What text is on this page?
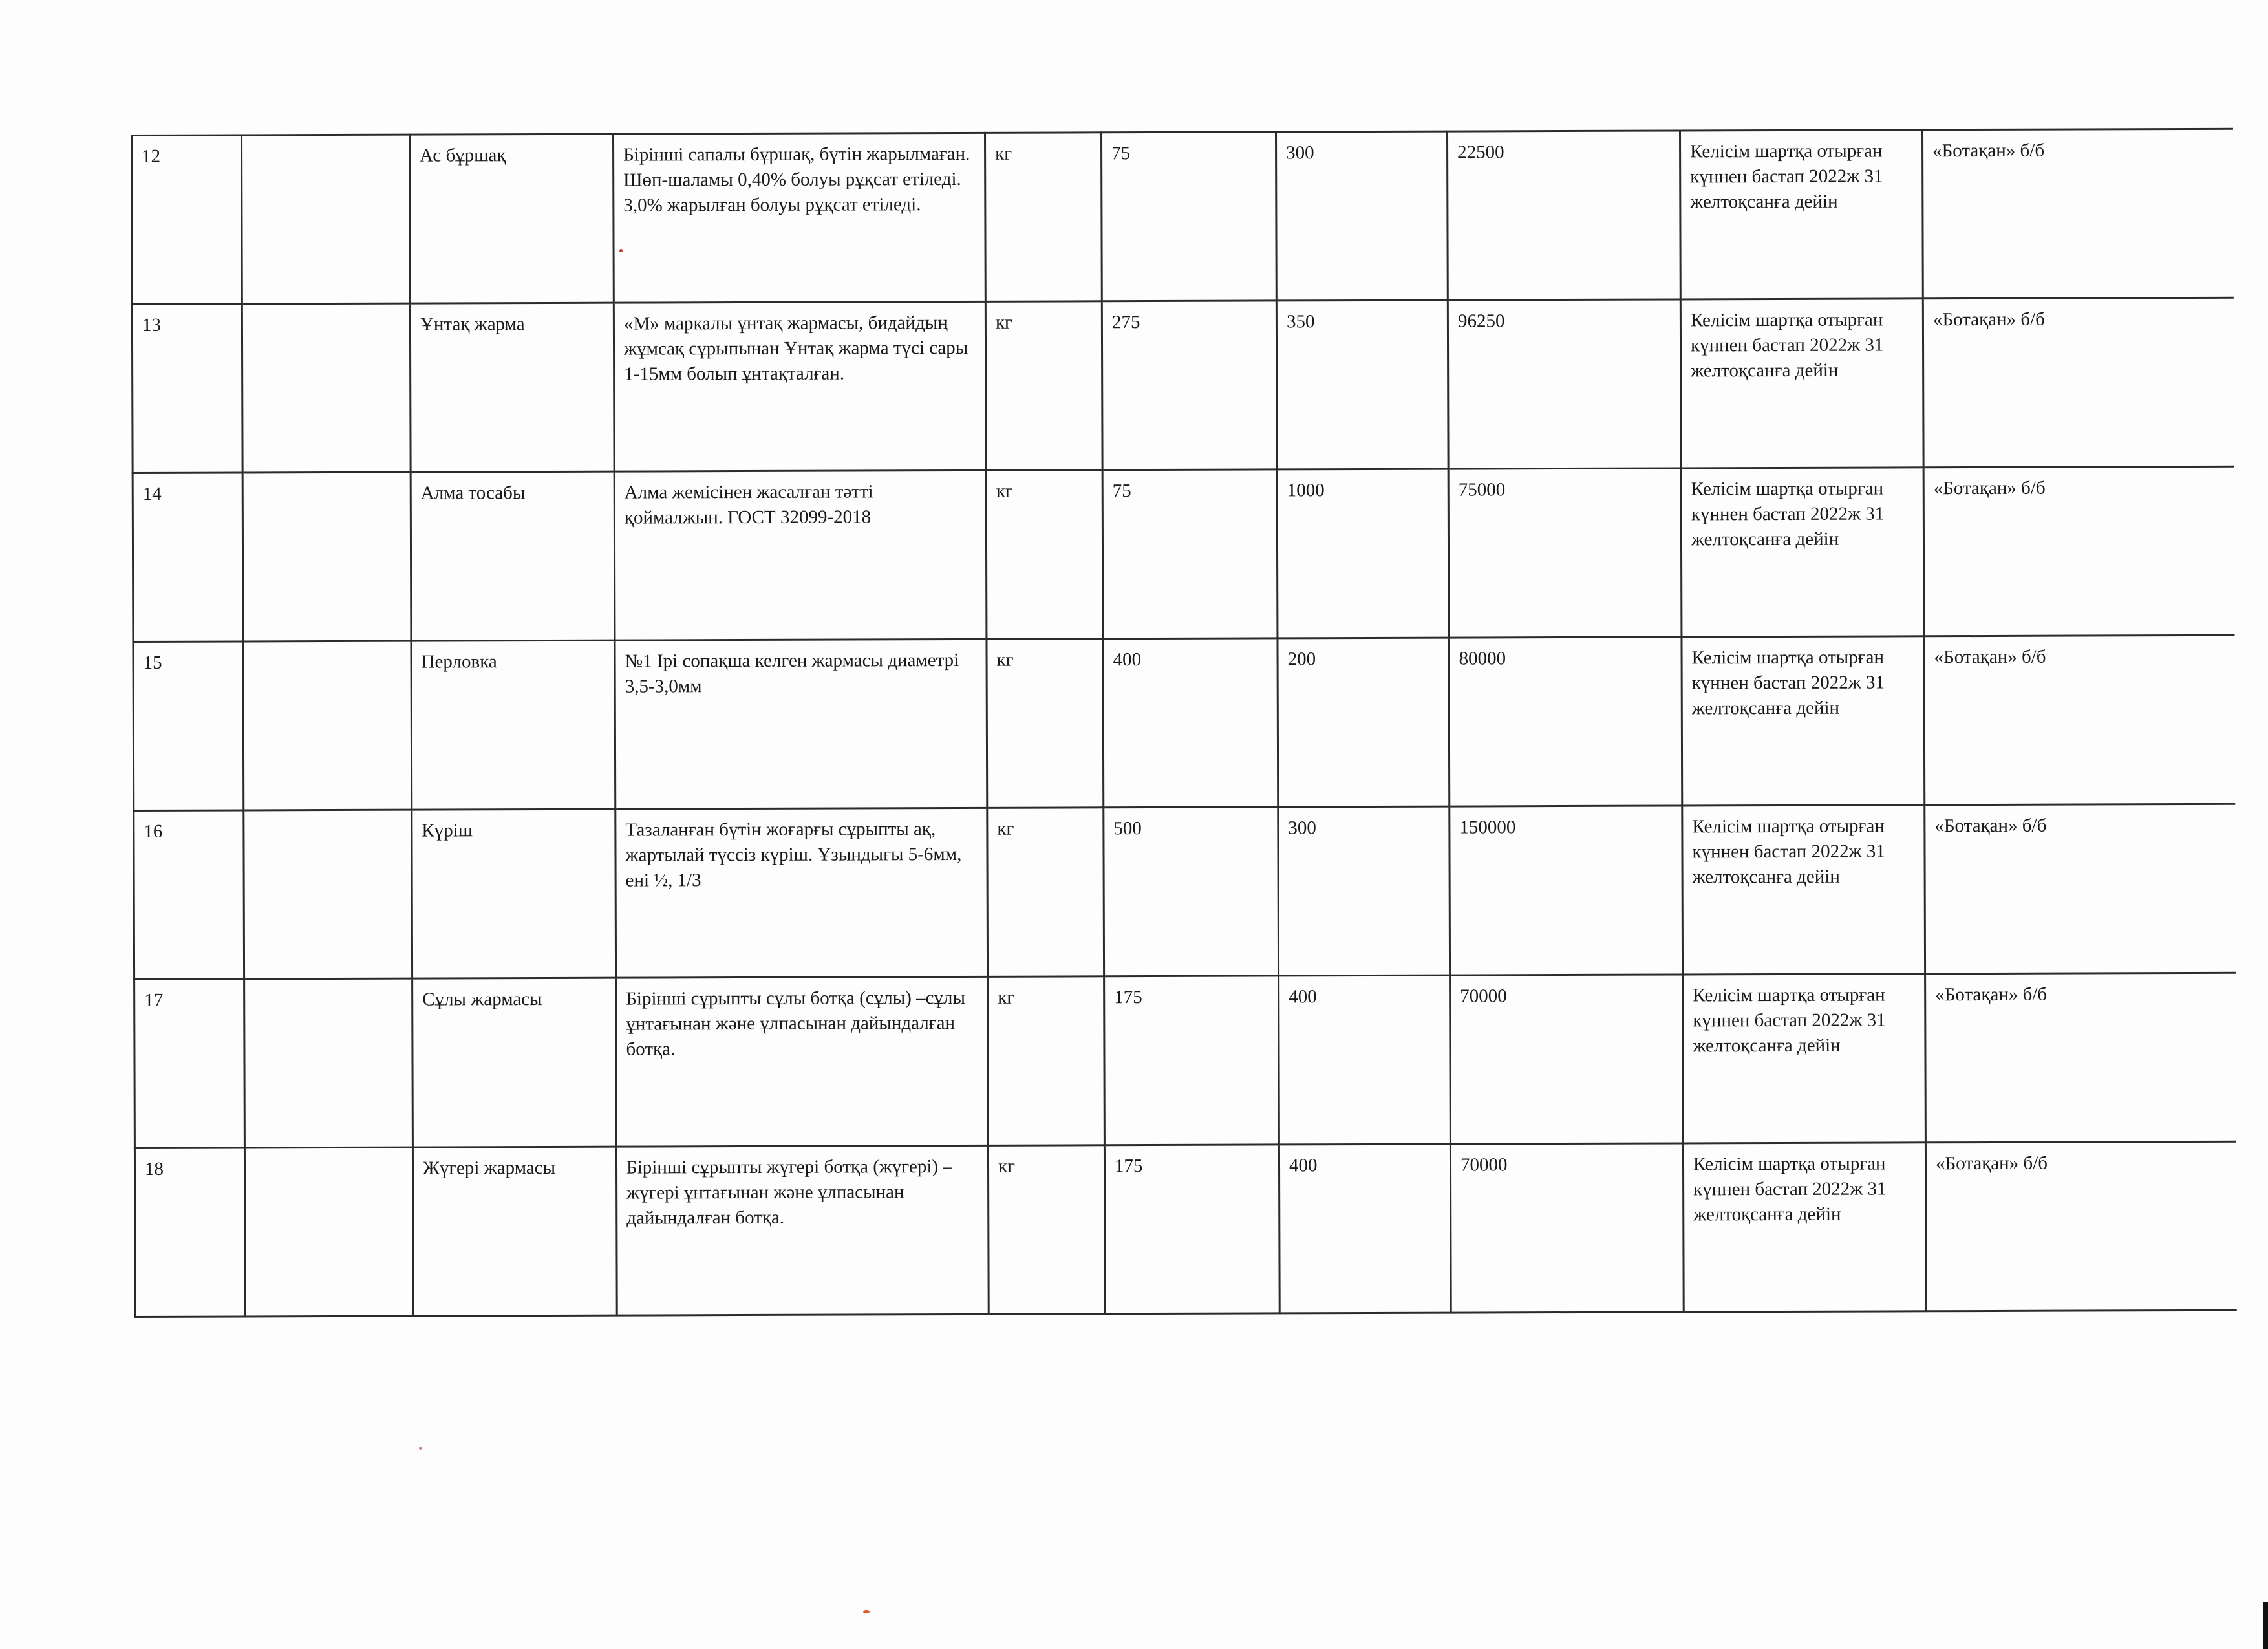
12		Ас бұршақ	Бірінші сапалы бұршақ, бүтін жарылмаған. Шөп-шаламы 0,40% болуы рұқсат етіледі. 3,0% жарылған болуы рұқсат етіледі.	кг	75	300	22500	Келісім шартқа отырған күннен бастап 2022ж 31 желтоқсанға дейін	«Ботақан» б/б
13		Ұнтақ жарма	«М» маркалы ұнтақ жармасы, бидайдың жұмсақ сұрыпынан Ұнтақ жарма түсі сары 1-15мм болып ұнтақталған.	кг	275	350	96250	Келісім шартқа отырған күннен бастап 2022ж 31 желтоқсанға дейін	«Ботақан» б/б
14		Алма тосабы	Алма жемісінен жасалған тәтті қоймалжын. ГОСТ 32099-2018	кг	75	1000	75000	Келісім шартқа отырған күннен бастап 2022ж 31 желтоқсанға дейін	«Ботақан» б/б
15		Перловка	№1 Ірі сопақша келген жармасы диаметрі 3,5-3,0мм	кг	400	200	80000	Келісім шартқа отырған күннен бастап 2022ж 31 желтоқсанға дейін	«Ботақан» б/б
16		Күріш	Тазаланған бүтін жоғарғы сұрыпты ақ, жартылай түссіз күріш. Ұзындығы 5-6мм, ені ½, 1/3	кг	500	300	150000	Келісім шартқа отырған күннен бастап 2022ж 31 желтоқсанға дейін	«Ботақан» б/б
17		Сұлы жармасы	Бірінші сұрыпты сұлы ботқа (сұлы) –сұлы ұнтағынан және ұлпасынан дайындалған ботқа.	кг	175	400	70000	Келісім шартқа отырған күннен бастап 2022ж 31 желтоқсанға дейін	«Ботақан» б/б
18		Жүгері жармасы	Бірінші сұрыпты жүгері ботқа (жүгері) –жүгері ұнтағынан және ұлпасынан дайындалған ботқа.	кг	175	400	70000	Келісім шартқа отырған күннен бастап 2022ж 31 желтоқсанға дейін	«Ботақан» б/б
